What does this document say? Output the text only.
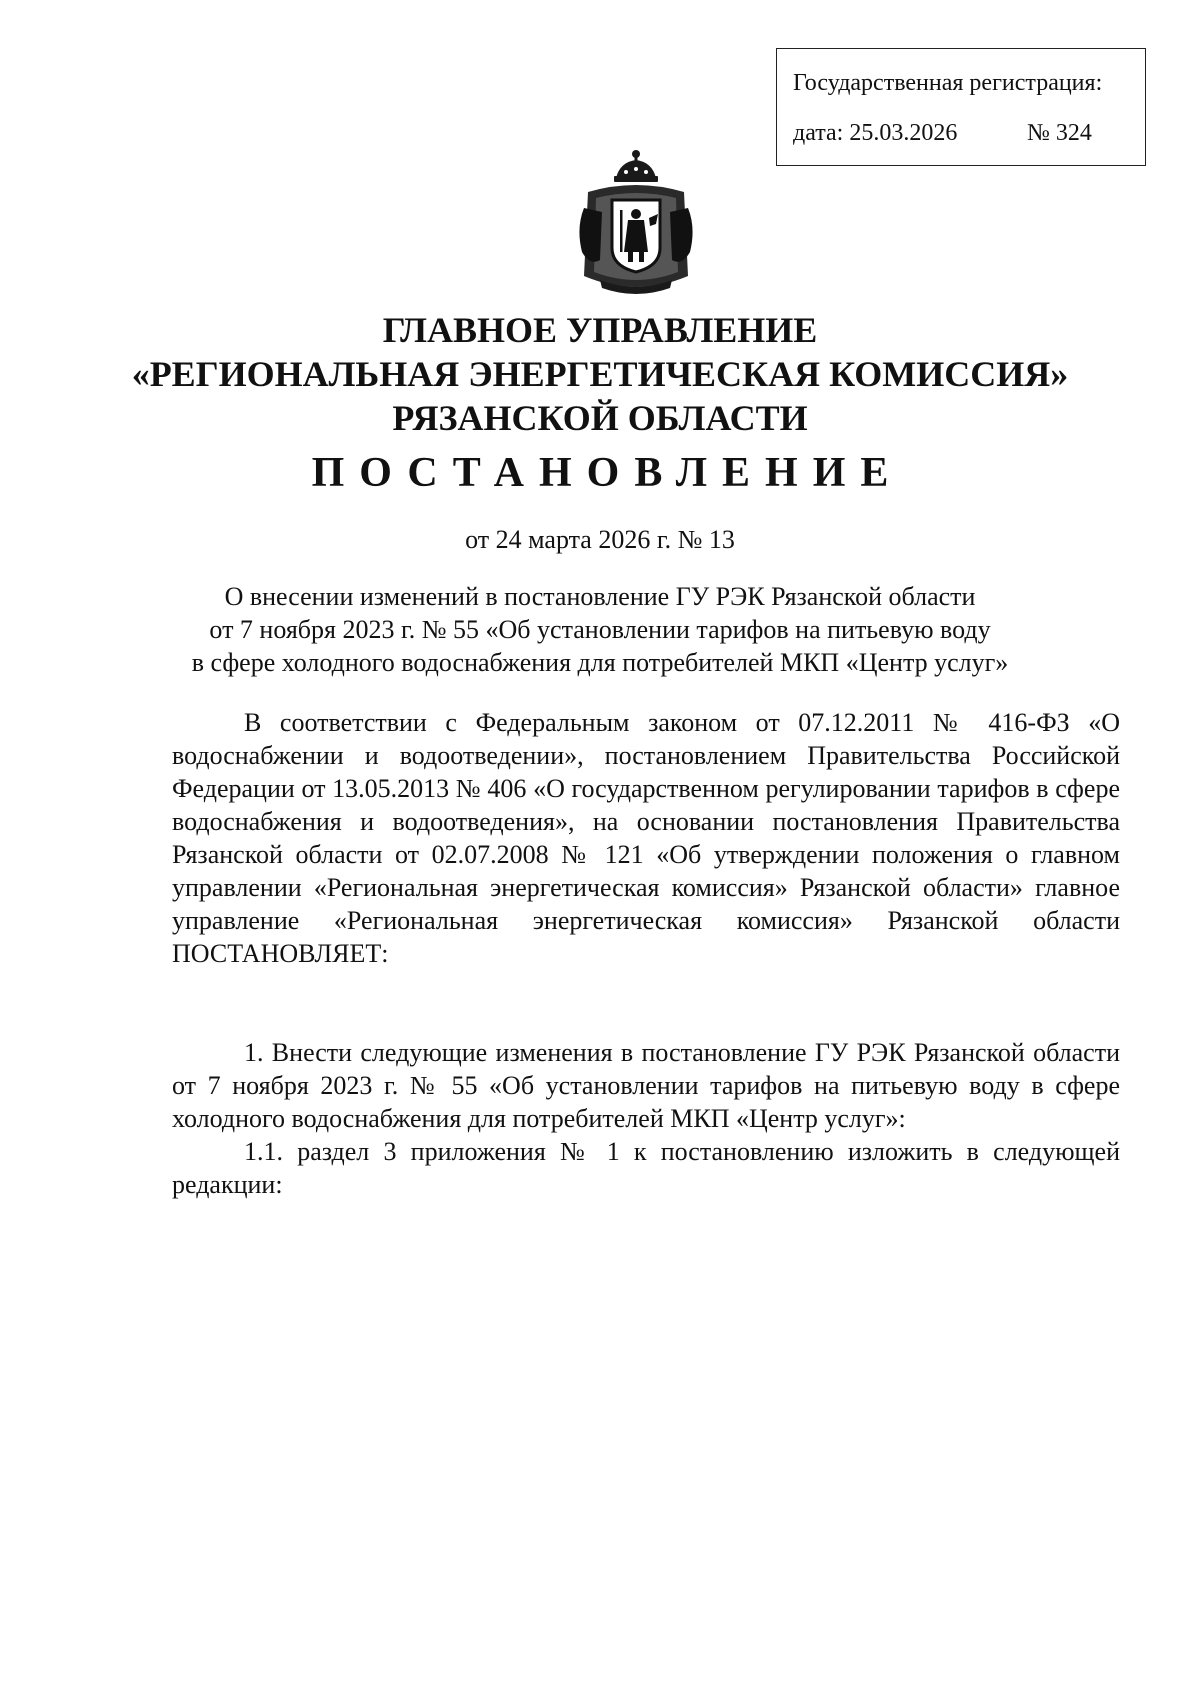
Государственная регистрация:
дата: 25.03.2026	№ 324
ГЛАВНОЕ УПРАВЛЕНИЕ
«РЕГИОНАЛЬНАЯ ЭНЕРГЕТИЧЕСКАЯ КОМИССИЯ»
РЯЗАНСКОЙ ОБЛАСТИ
ПОСТАНОВЛЕНИЕ
от 24 марта 2026 г. № 13
О внесении изменений в постановление ГУ РЭК Рязанской области
от 7 ноября 2023 г. № 55 «Об установлении тарифов на питьевую воду
в сфере холодного водоснабжения для потребителей МКП «Центр услуг»

В соответствии с Федеральным законом от 07.12.2011 № 416-ФЗ «О водоснабжении и водоотведении», постановлением Правительства Российской Федерации от 13.05.2013 № 406 «О государственном регулировании тарифов в сфере водоснабжения и водоотведения», на основании постановления Правительства Рязанской области от 02.07.2008 № 121 «Об утверждении положения о главном управлении «Региональная энергетическая комиссия» Рязанской области» главное управление «Региональная энергетическая комиссия» Рязанской области ПОСТАНОВЛЯЕТ:

1. Внести следующие изменения в постановление ГУ РЭК Рязанской области от 7 ноября 2023 г. № 55 «Об установлении тарифов на питьевую воду в сфере холодного водоснабжения для потребителей МКП «Центр услуг»:

1.1. раздел 3 приложения № 1 к постановлению изложить в следующей редакции:
